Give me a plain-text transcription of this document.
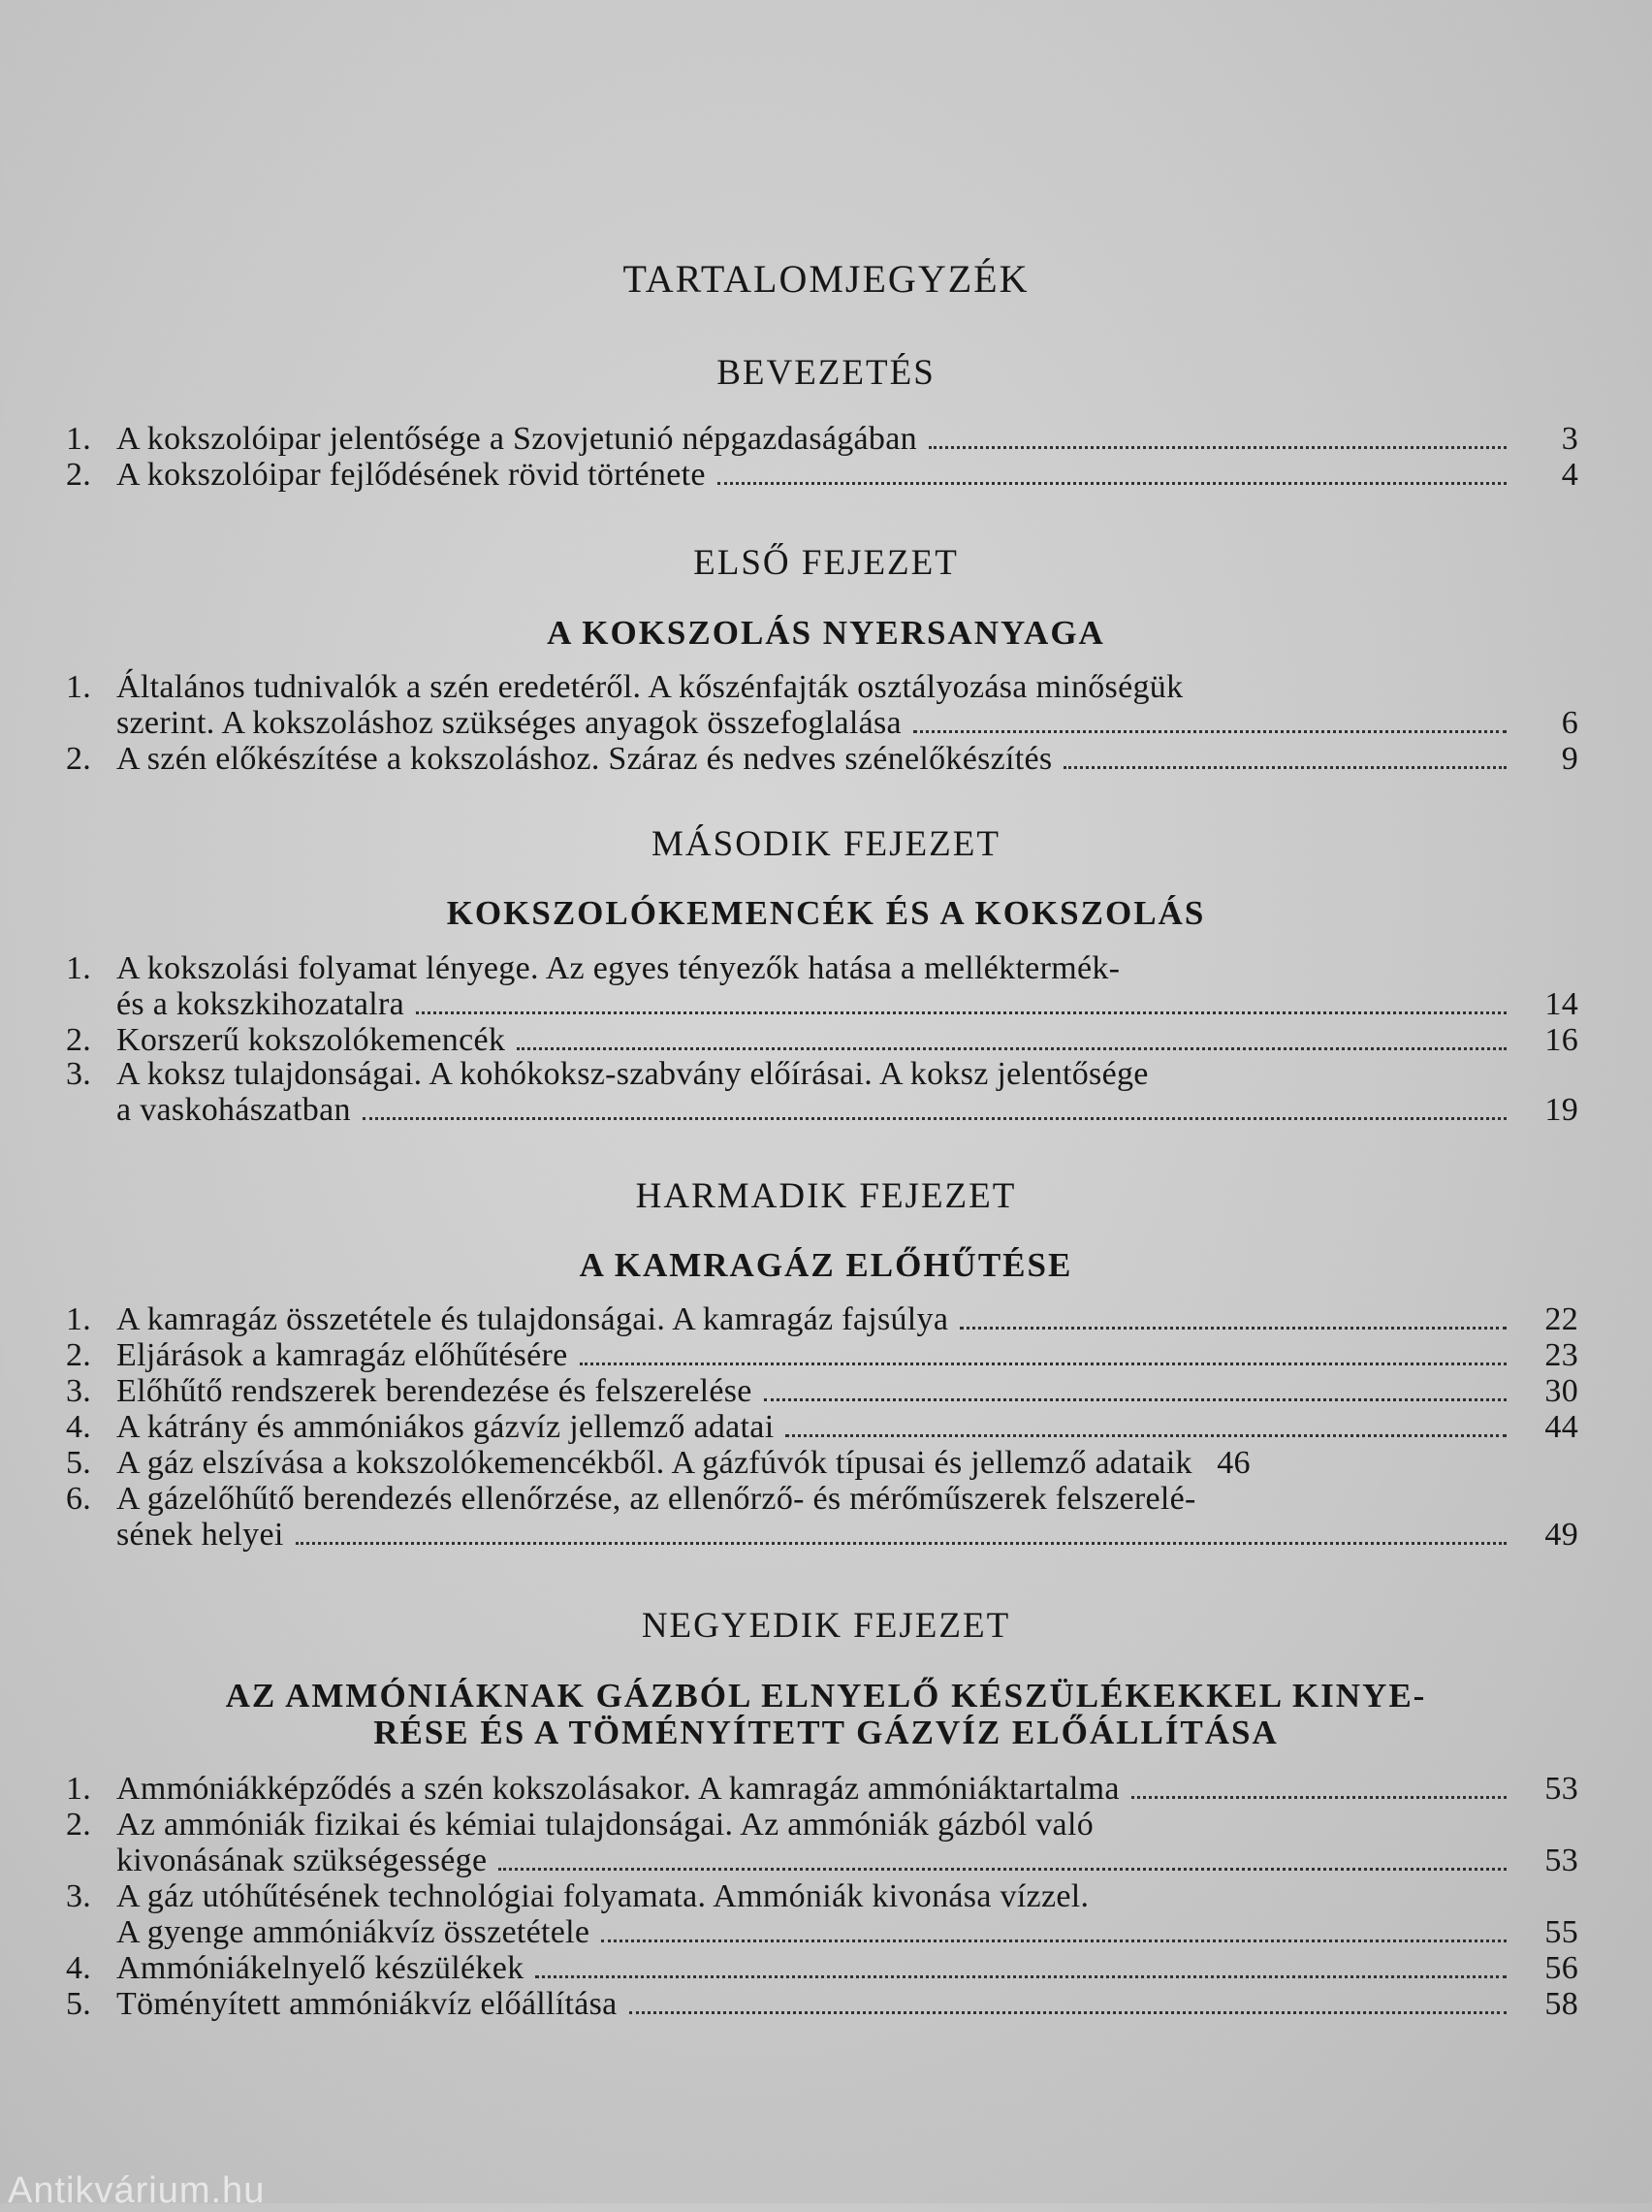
TARTALOMJEGYZÉK
BEVEZETÉS
1. A kokszolóipar jelentősége a Szovjetunió népgazdaságában	3
2. A kokszolóipar fejlődésének rövid története	4
ELSŐ FEJEZET
A KOKSZOLÁS NYERSANYAGA
1. Általános tudnivalók a szén eredetéről. A kőszénfajták osztályozása minőségük
szerint. A kokszoláshoz szükséges anyagok összefoglalása	6
2. A szén előkészítése a kokszoláshoz. Száraz és nedves szénelőkészítés	9
MÁSODIK FEJEZET
KOKSZOLÓKEMENCÉK ÉS A KOKSZOLÁS
1. A kokszolási folyamat lényege. Az egyes tényezők hatása a melléktermék-
és a kokszkihozatalra	14
2. Korszerű kokszolókemencék	16
3. A koksz tulajdonságai. A kohókoksz-szabvány előírásai. A koksz jelentősége
a vaskohászatban	19
HARMADIK FEJEZET
A KAMRAGÁZ ELŐHŰTÉSE
1. A kamragáz összetétele és tulajdonságai. A kamragáz fajsúlya	22
2. Eljárások a kamragáz előhűtésére	23
3. Előhűtő rendszerek berendezése és felszerelése	30
4. A kátrány és ammóniákos gázvíz jellemző adatai	44
5. A gáz elszívása a kokszolókemencékből. A gázfúvók típusai és jellemző adataik 46
6. A gázelőhűtő berendezés ellenőrzése, az ellenőrző- és mérőműszerek felszerelé-
sének helyei	49
NEGYEDIK FEJEZET
AZ AMMÓNIÁKNAK GÁZBÓL ELNYELŐ KÉSZÜLÉKEKKEL KINYE-
RÉSE ÉS A TÖMÉNYÍTETT GÁZVÍZ ELŐÁLLÍTÁSA
1. Ammóniákképződés a szén kokszolásakor. A kamragáz ammóniáktartalma	53
2. Az ammóniák fizikai és kémiai tulajdonságai. Az ammóniák gázból való
kivonásának szükségessége	53
3. A gáz utóhűtésének technológiai folyamata. Ammóniák kivonása vízzel.
A gyenge ammóniákvíz összetétele	55
4. Ammóniákelnyelő készülékek	56
5. Töményített ammóniákvíz előállítása	58
Antikvárium.hu
